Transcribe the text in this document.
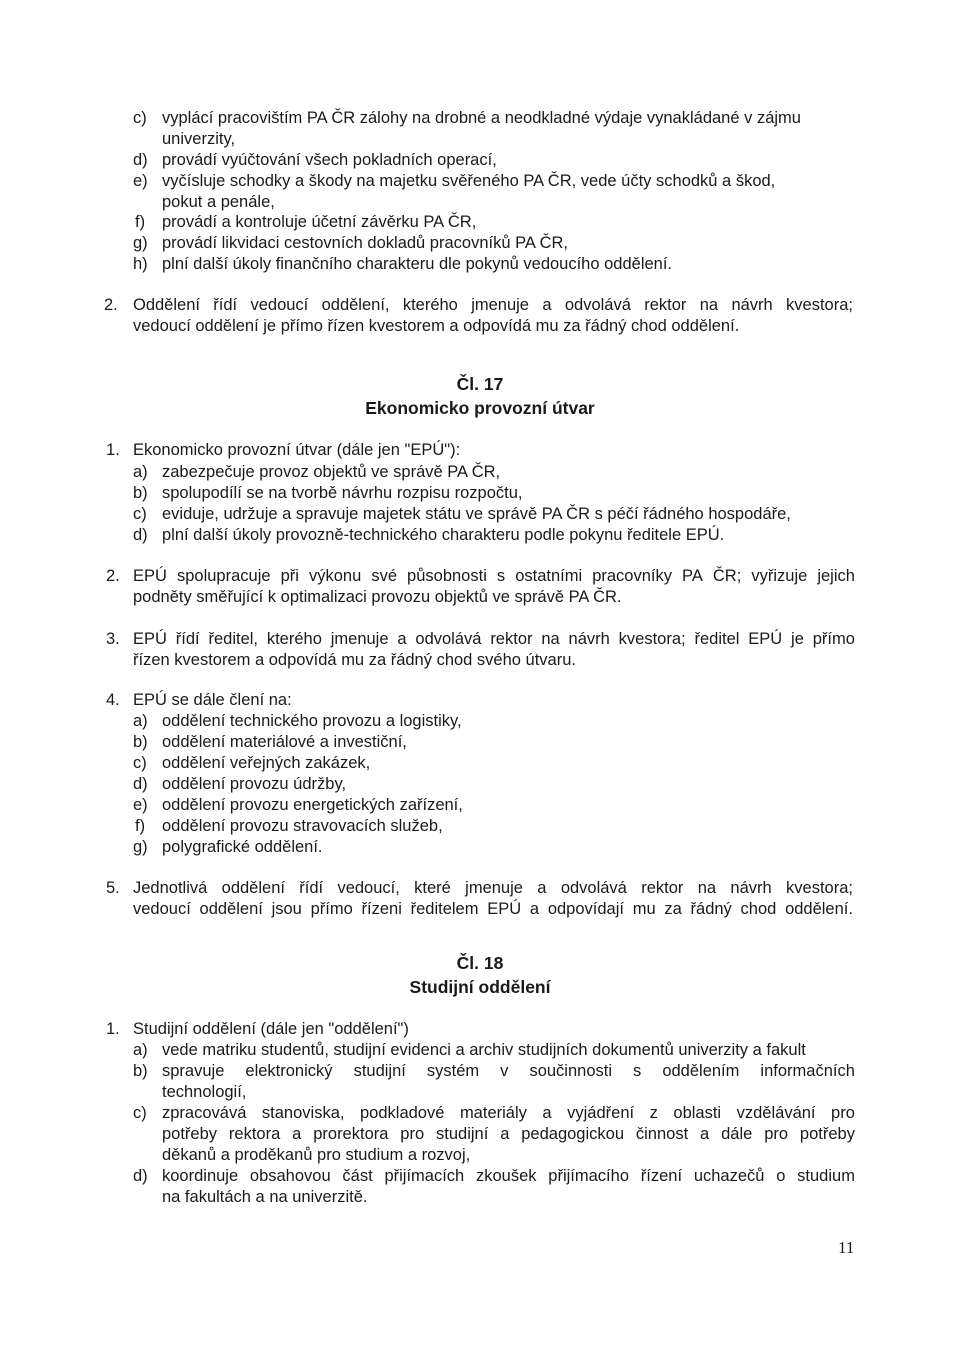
c) vyplácí pracovištím PA ČR zálohy na drobné a neodkladné výdaje vynakládané v zájmu
univerzity,
d) provádí vyúčtování všech pokladních operací,
e) vyčísluje schodky a škody na majetku svěřeného PA ČR, vede účty schodků a škod,
pokut a penále,
f) provádí a kontroluje účetní závěrku PA ČR,
g) provádí likvidaci cestovních dokladů pracovníků PA ČR,
h) plní další úkoly finančního charakteru dle pokynů vedoucího oddělení.
2. Oddělení řídí vedoucí oddělení, kterého jmenuje a odvolává rektor na návrh kvestora;
vedoucí oddělení je přímo řízen kvestorem a odpovídá mu za řádný chod oddělení.
Čl. 17
Ekonomicko provozní útvar
1. Ekonomicko provozní útvar (dále jen "EPÚ"):
a) zabezpečuje provoz objektů ve správě PA ČR,
b) spolupodílí se na tvorbě návrhu rozpisu rozpočtu,
c) eviduje, udržuje a spravuje majetek státu ve správě PA ČR s péčí řádného hospodáře,
d) plní další úkoly provozně-technického charakteru podle pokynu ředitele EPÚ.
2. EPÚ spolupracuje při výkonu své působnosti s ostatními pracovníky PA ČR; vyřizuje jejich
podněty směřující k optimalizaci provozu objektů ve správě PA ČR.
3. EPÚ řídí ředitel, kterého jmenuje a odvolává rektor na návrh kvestora; ředitel EPÚ je přímo
řízen kvestorem a odpovídá mu za řádný chod svého útvaru.
4. EPÚ se dále člení na:
a) oddělení technického provozu a logistiky,
b) oddělení materiálové a investiční,
c) oddělení veřejných zakázek,
d) oddělení provozu údržby,
e) oddělení provozu energetických zařízení,
f) oddělení provozu stravovacích služeb,
g) polygrafické oddělení.
5. Jednotlivá oddělení řídí vedoucí, které jmenuje a odvolává rektor na návrh kvestora;
vedoucí oddělení jsou přímo řízeni ředitelem EPÚ a odpovídají mu za řádný chod oddělení.
Čl. 18
Studijní oddělení
1. Studijní oddělení (dále jen "oddělení")
a) vede matriku studentů, studijní evidenci a archiv studijních dokumentů univerzity a fakult
b) spravuje elektronický studijní systém v součinnosti s oddělením informačních
technologií,
c) zpracovává stanoviska, podkladové materiály a vyjádření z oblasti vzdělávání pro
potřeby rektora a prorektora pro studijní a pedagogickou činnost a dále pro potřeby
děkanů a proděkanů pro studium a rozvoj,
d) koordinuje obsahovou část přijímacích zkoušek přijímacího řízení uchazečů o studium
na fakultách a na univerzitě.
11
